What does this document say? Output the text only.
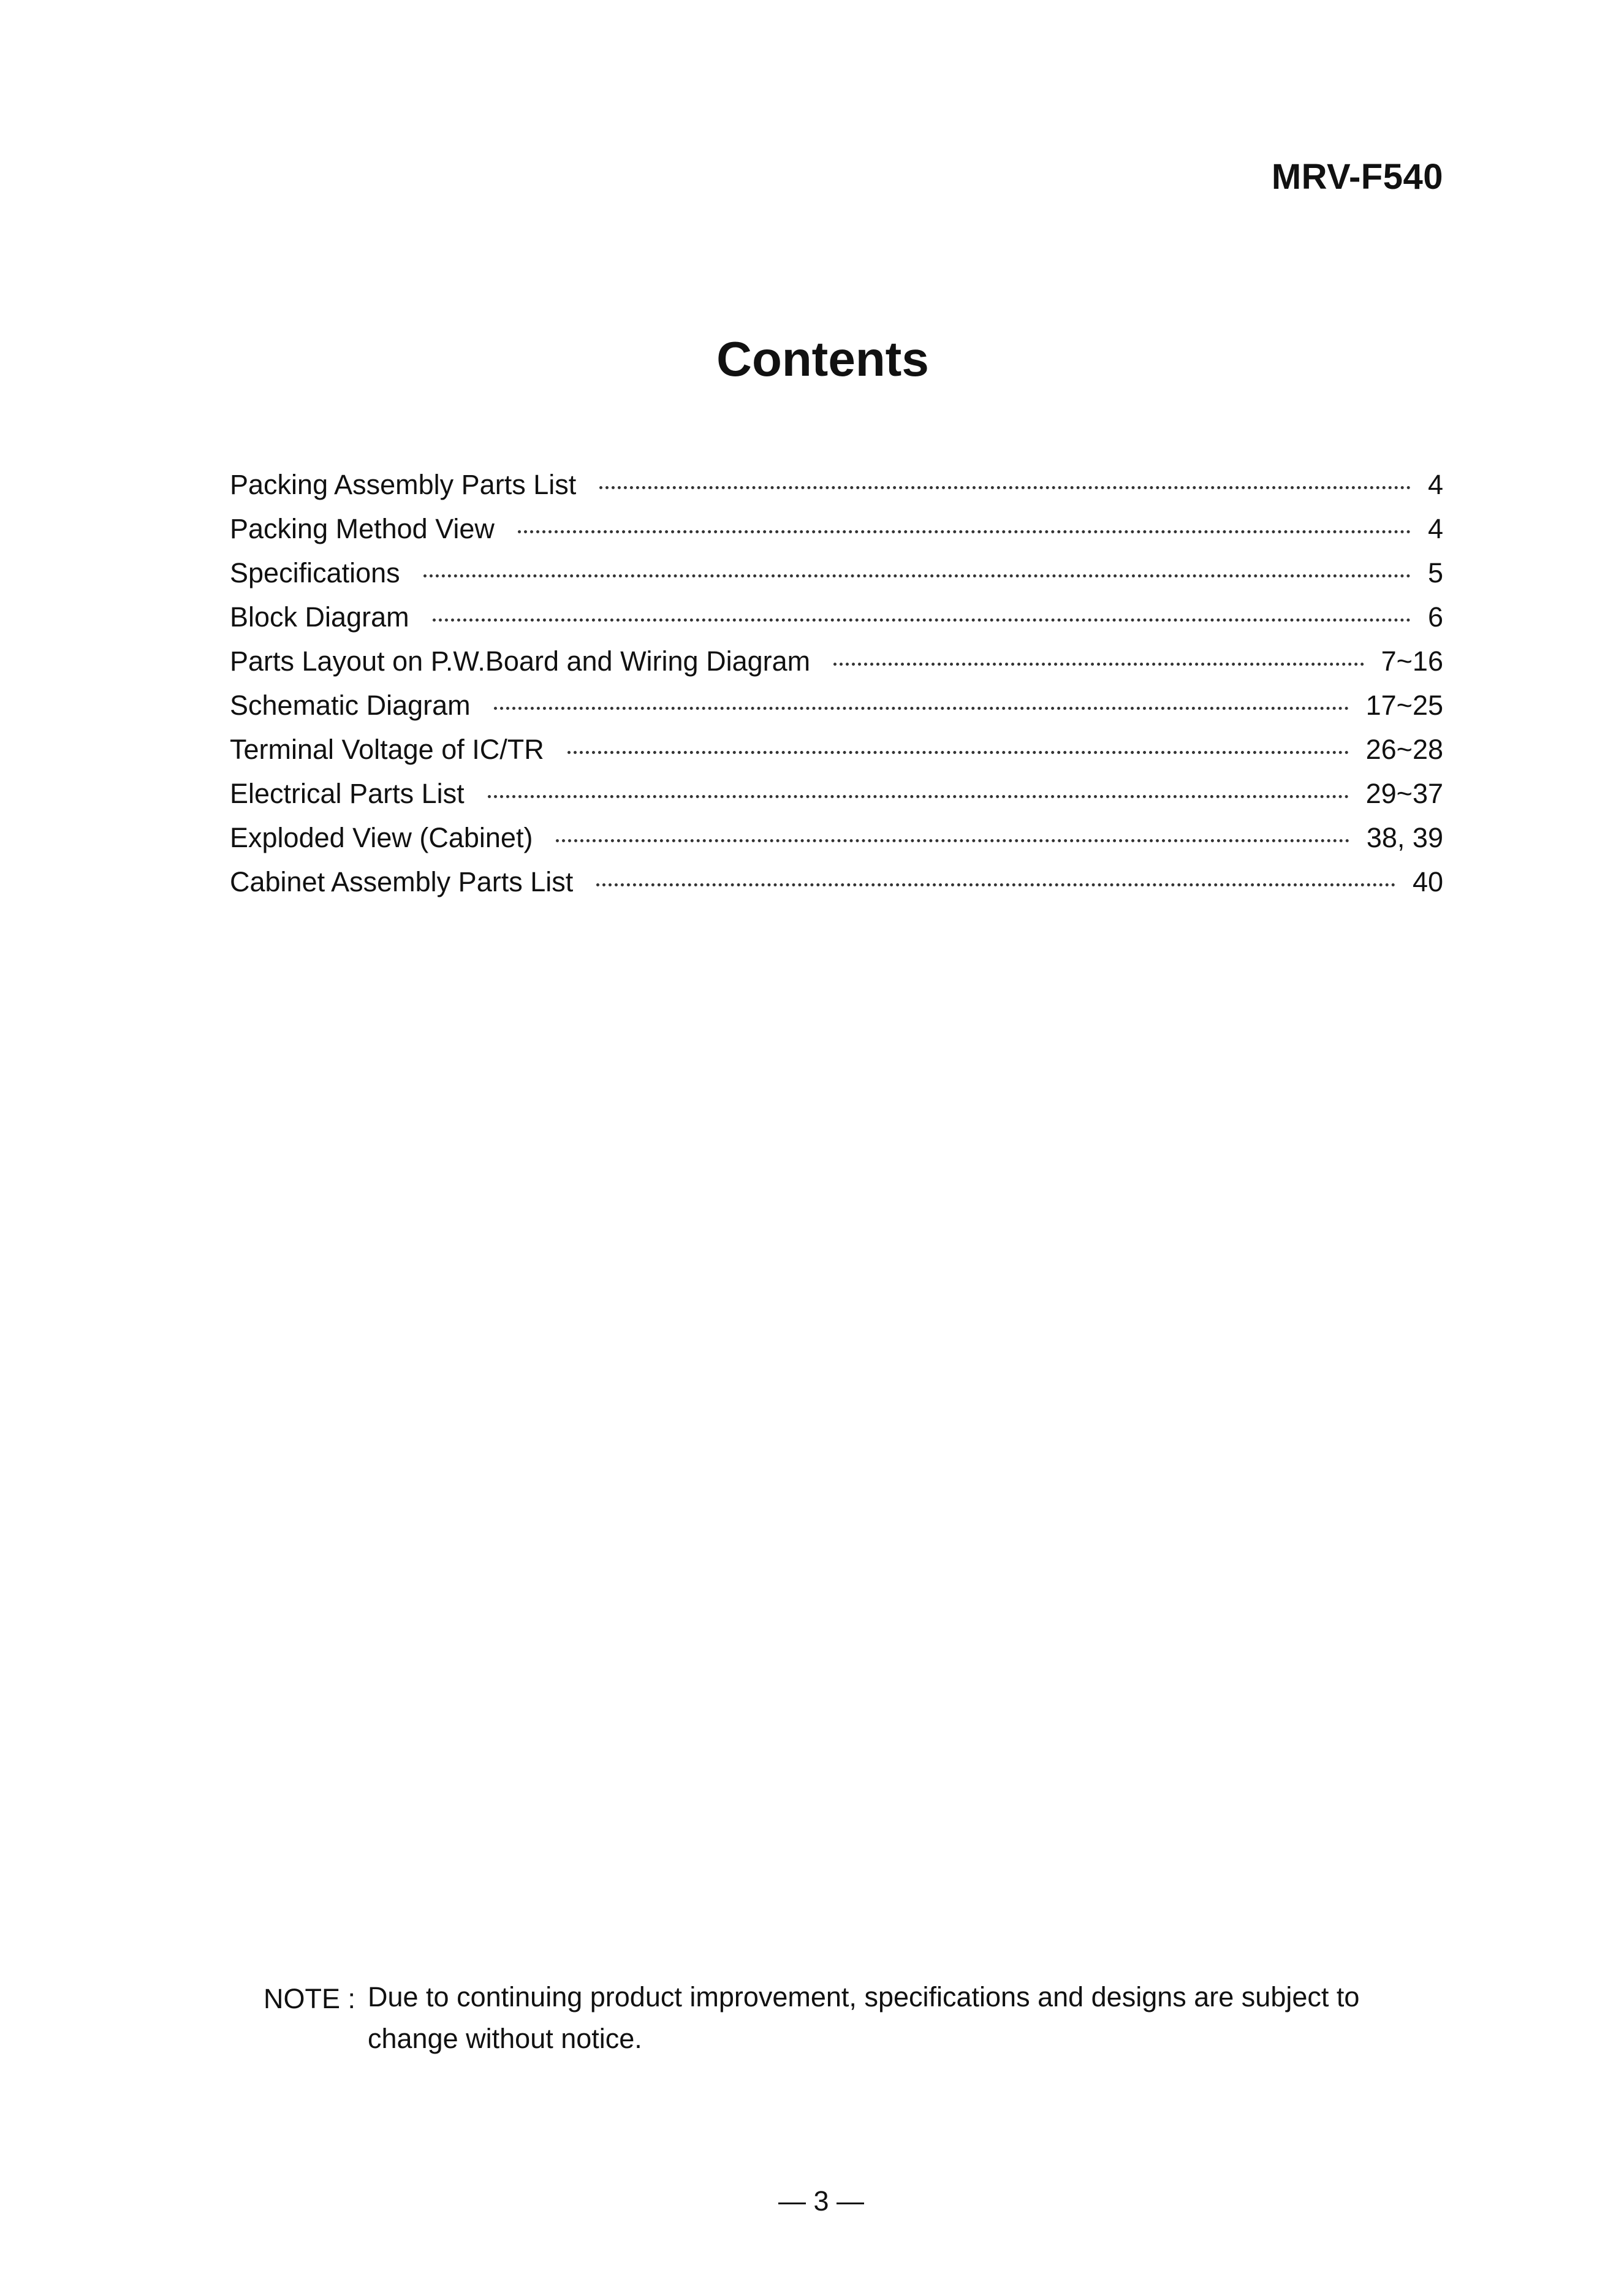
MRV-F540
Contents
Packing Assembly Parts List	4
Packing Method View	4
Specifications	5
Block Diagram	6
Parts Layout on P.W.Board and Wiring Diagram	7~16
Schematic Diagram	17~25
Terminal Voltage of IC/TR	26~28
Electrical Parts List	29~37
Exploded View (Cabinet)	38, 39
Cabinet Assembly Parts List	40
NOTE : Due to continuing product improvement, specifications and designs are subject to change without notice.
— 3 —
